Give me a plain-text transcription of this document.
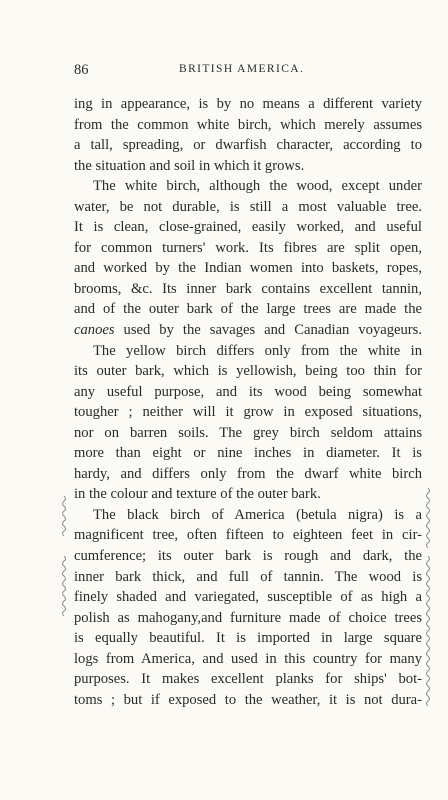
86	BRITISH AMERICA.
ing in appearance, is by no means a different variety
from the common white birch, which merely assumes
a tall, spreading, or dwarfish character, according to
the situation and soil in which it grows.
The white birch, although the wood, except under
water, be not durable, is still a most valuable tree.
It is clean, close-grained, easily worked, and useful
for common turners' work. Its fibres are split open,
and worked by the Indian women into baskets, ropes,
brooms, &c. Its inner bark contains excellent tannin,
and of the outer bark of the large trees are made the
canoes used by the savages and Canadian voyageurs.
The yellow birch differs only from the white in
its outer bark, which is yellowish, being too thin for
any useful purpose, and its wood being somewhat
tougher ; neither will it grow in exposed situations,
nor on barren soils. The grey birch seldom attains
more than eight or nine inches in diameter. It is
hardy, and differs only from the dwarf white birch
in the colour and texture of the outer bark.
The black birch of America (betula nigra) is a
magnificent tree, often fifteen to eighteen feet in cir-
cumference; its outer bark is rough and dark, the
inner bark thick, and full of tannin. The wood is
finely shaded and variegated, susceptible of as high a
polish as mahogany,and furniture made of choice trees
is equally beautiful. It is imported in large square
logs from America, and used in this country for many
purposes. It makes excellent planks for ships' bot-
toms ; but if exposed to the weather, it is not dura-
